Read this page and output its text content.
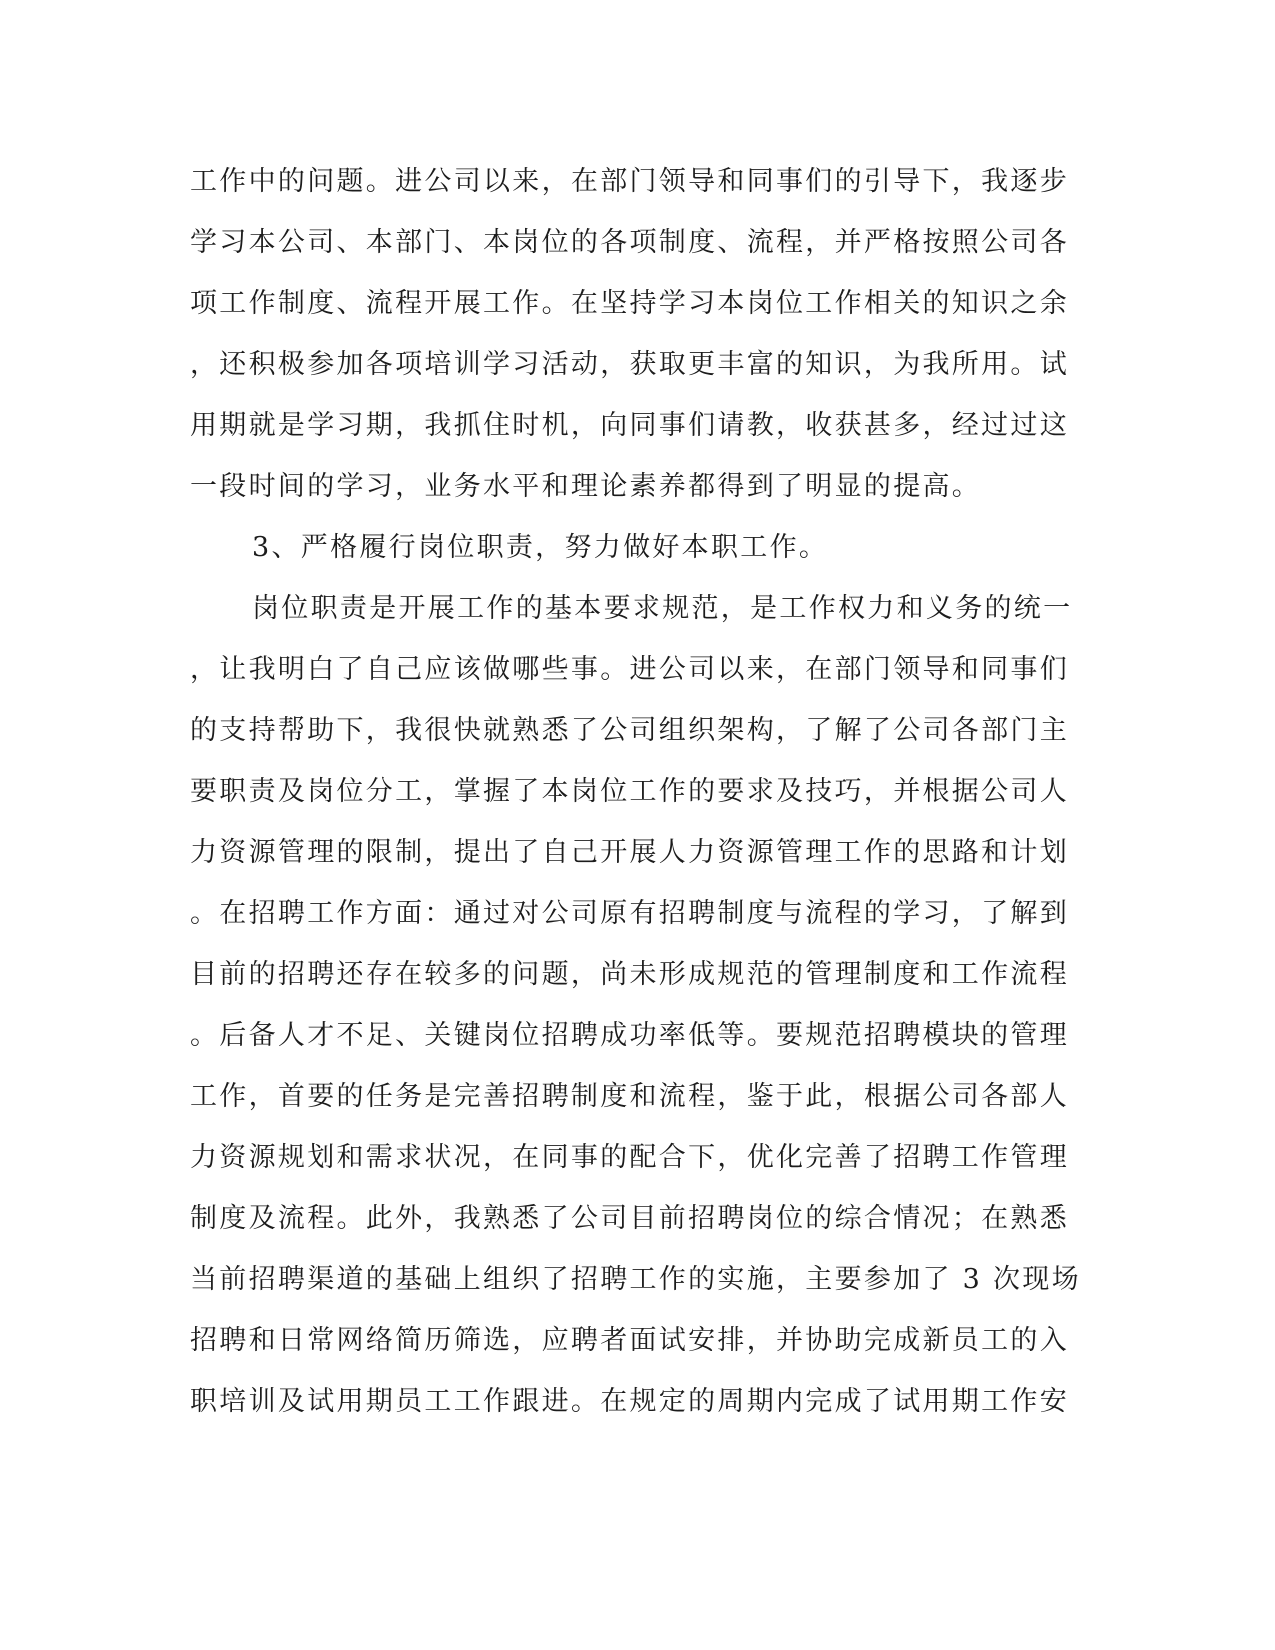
工作中的问题。进公司以来，在部门领导和同事们的引导下，我逐步
学习本公司、本部门、本岗位的各项制度、流程，并严格按照公司各
项工作制度、流程开展工作。在坚持学习本岗位工作相关的知识之余
，还积极参加各项培训学习活动，获取更丰富的知识，为我所用。试
用期就是学习期，我抓住时机，向同事们请教，收获甚多，经过过这
一段时间的学习，业务水平和理论素养都得到了明显的提高。
3、严格履行岗位职责，努力做好本职工作。
岗位职责是开展工作的基本要求规范，是工作权力和义务的统一
，让我明白了自己应该做哪些事。进公司以来，在部门领导和同事们
的支持帮助下，我很快就熟悉了公司组织架构，了解了公司各部门主
要职责及岗位分工，掌握了本岗位工作的要求及技巧，并根据公司人
力资源管理的限制，提出了自己开展人力资源管理工作的思路和计划
。在招聘工作方面：通过对公司原有招聘制度与流程的学习，了解到
目前的招聘还存在较多的问题，尚未形成规范的管理制度和工作流程
。后备人才不足、关键岗位招聘成功率低等。要规范招聘模块的管理
工作，首要的任务是完善招聘制度和流程，鉴于此，根据公司各部人
力资源规划和需求状况，在同事的配合下，优化完善了招聘工作管理
制度及流程。此外，我熟悉了公司目前招聘岗位的综合情况；在熟悉
当前招聘渠道的基础上组织了招聘工作的实施，主要参加了 3 次现场
招聘和日常网络简历筛选，应聘者面试安排，并协助完成新员工的入
职培训及试用期员工工作跟进。在规定的周期内完成了试用期工作安
